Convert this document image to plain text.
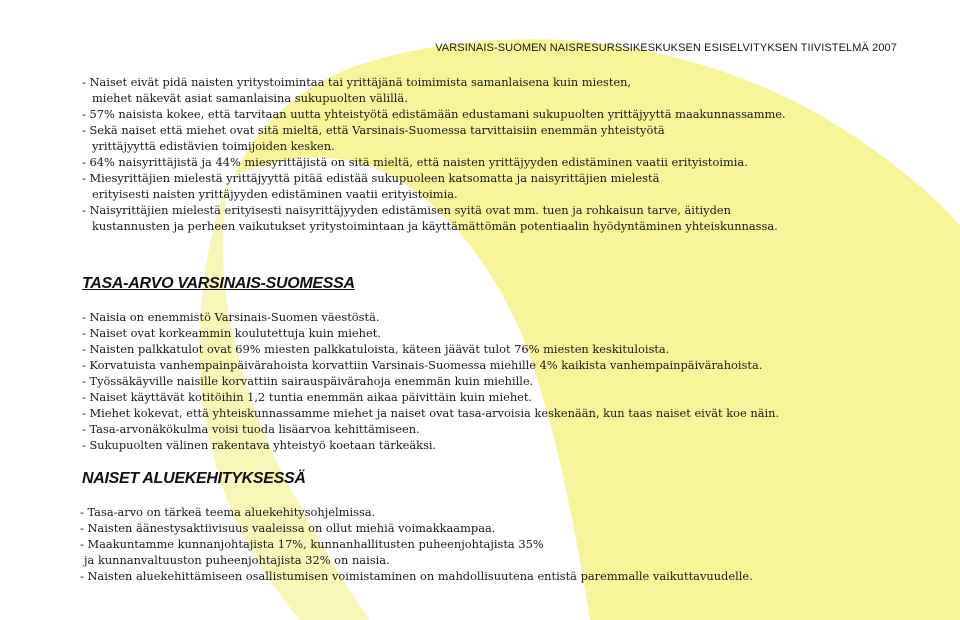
VARSINAIS-SUOMEN NAISRESURSSIKESKUKSEN ESISELVITYKSEN TIIVISTELMÄ 2007
- Naiset eivät pidä naisten yritystoimintaa tai yrittäjänä toimimista samanlaisena kuin miesten,
miehet näkevät asiat samanlaisina sukupuolten välillä.
- 57% naisista kokee, että tarvitaan uutta yhteistyötä edistämään edustamani sukupuolten yrittäjyyttä maakunnassamme.
- Sekä naiset että miehet ovat sitä mieltä, että Varsinais-Suomessa tarvittaisiin enemmän yhteistyötä
yrittäjyyttä edistävien toimijoiden kesken.
- 64% naisyrittäjistä ja 44% miesyrittäjistä on sitä mieltä, että naisten yrittäjyyden edistäminen vaatii erityistoimia.
- Miesyrittäjien mielestä yrittäjyyttä pitää edistää sukupuoleen katsomatta ja naisyrittäjien mielestä
erityisesti naisten yrittäjyyden edistäminen vaatii erityistoimia.
- Naisyrittäjien mielestä erityisesti naisyrittäjyyden edistämisen syitä ovat mm. tuen ja rohkaisun tarve, äitiyden
kustannusten ja perheen vaikutukset yritystoimintaan ja käyttämättömän potentiaalin hyödyntäminen yhteiskunnassa.
TASA-ARVO VARSINAIS-SUOMESSA
- Naisia on enemmistö Varsinais-Suomen väestöstä.
- Naiset ovat korkeammin koulutettuja kuin miehet.
- Naisten palkkatulot ovat 69% miesten palkkatuloista, käteen jäävät tulot 76% miesten keskituloista.
- Korvatuista vanhempainpäivärahoista korvattiin Varsinais-Suomessa miehille 4% kaikista vanhempainpäivärahoista.
- Työssäkäyville naisille korvattiin sairauspäivärahoja enemmän kuin miehille.
- Naiset käyttävät kotitöihin 1,2 tuntia enemmän aikaa päivittäin kuin miehet.
- Miehet kokevat, että yhteiskunnassamme miehet ja naiset ovat tasa-arvoisia keskenään, kun taas naiset eivät koe näin.
- Tasa-arvonäkökulma voisi tuoda lisäarvoa kehittämiseen.
- Sukupuolten välinen rakentava yhteistyö koetaan tärkeäksi.
NAISET ALUEKEHITYKSESSÄ
- Tasa-arvo on tärkeä teema aluekehitysohjelmissa.
- Naisten äänestysaktiivisuus vaaleissa on ollut miehiä voimakkaampaa.
- Maakuntamme kunnanjohtajista 17%, kunnanhallitusten puheenjohtajista 35%
ja kunnanvaltuuston puheenjohtajista 32% on naisia.
- Naisten aluekehittämiseen osallistumisen voimistaminen on mahdollisuutena entistä paremmalle vaikuttavuudelle.
